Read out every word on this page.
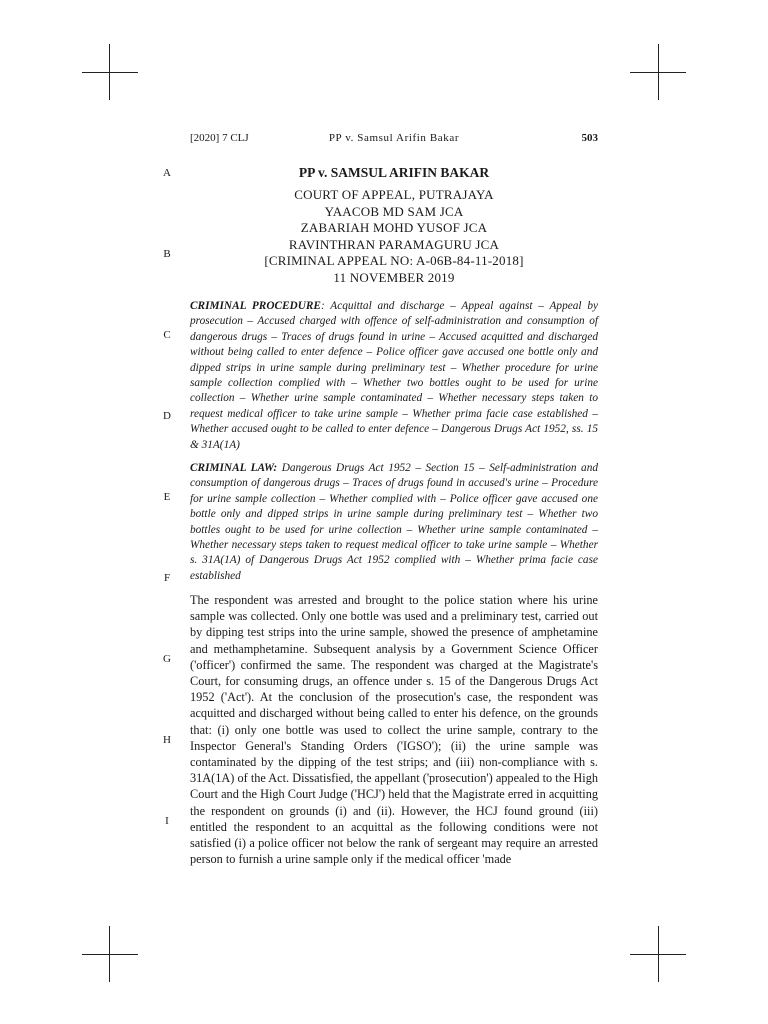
[2020] 7 CLJ	PP v. Samsul Arifin Bakar	503
A
B
C
D
E
F
G
H
I
PP v. SAMSUL ARIFIN BAKAR
COURT OF APPEAL, PUTRAJAYA
YAACOB MD SAM JCA
ZABARIAH MOHD YUSOF JCA
RAVINTHRAN PARAMAGURU JCA
[CRIMINAL APPEAL NO: A-06B-84-11-2018]
11 NOVEMBER 2019
CRIMINAL PROCEDURE: Acquittal and discharge – Appeal against – Appeal by prosecution – Accused charged with offence of self-administration and consumption of dangerous drugs – Traces of drugs found in urine – Accused acquitted and discharged without being called to enter defence – Police officer gave accused one bottle only and dipped strips in urine sample during preliminary test – Whether procedure for urine sample collection complied with – Whether two bottles ought to be used for urine collection – Whether urine sample contaminated – Whether necessary steps taken to request medical officer to take urine sample – Whether prima facie case established – Whether accused ought to be called to enter defence – Dangerous Drugs Act 1952, ss. 15 & 31A(1A)
CRIMINAL LAW: Dangerous Drugs Act 1952 – Section 15 – Self-administration and consumption of dangerous drugs – Traces of drugs found in accused's urine – Procedure for urine sample collection – Whether complied with – Police officer gave accused one bottle only and dipped strips in urine sample during preliminary test – Whether two bottles ought to be used for urine collection – Whether urine sample contaminated – Whether necessary steps taken to request medical officer to take urine sample – Whether s. 31A(1A) of Dangerous Drugs Act 1952 complied with – Whether prima facie case established
The respondent was arrested and brought to the police station where his urine sample was collected. Only one bottle was used and a preliminary test, carried out by dipping test strips into the urine sample, showed the presence of amphetamine and methamphetamine. Subsequent analysis by a Government Science Officer ('officer') confirmed the same. The respondent was charged at the Magistrate's Court, for consuming drugs, an offence under s. 15 of the Dangerous Drugs Act 1952 ('Act'). At the conclusion of the prosecution's case, the respondent was acquitted and discharged without being called to enter his defence, on the grounds that: (i) only one bottle was used to collect the urine sample, contrary to the Inspector General's Standing Orders ('IGSO'); (ii) the urine sample was contaminated by the dipping of the test strips; and (iii) non-compliance with s. 31A(1A) of the Act. Dissatisfied, the appellant ('prosecution') appealed to the High Court and the High Court Judge ('HCJ') held that the Magistrate erred in acquitting the respondent on grounds (i) and (ii). However, the HCJ found ground (iii) entitled the respondent to an acquittal as the following conditions were not satisfied (i) a police officer not below the rank of sergeant may require an arrested person to furnish a urine sample only if the medical officer 'made
